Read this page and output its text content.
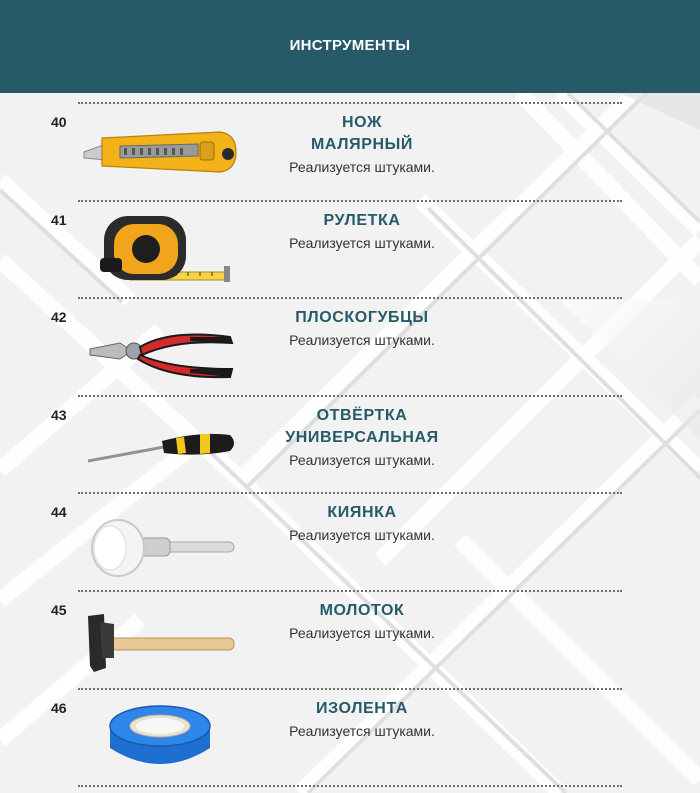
ИНСТРУМЕНТЫ
40	НОЖ
МАЛЯРНЫЙ
Реализуется штуками.
41	РУЛЕТКА
Реализуется штуками.
42	ПЛОСКОГУБЦЫ
Реализуется штуками.
43	ОТВЁРТКА
УНИВЕРСАЛЬНАЯ
Реализуется штуками.
44	КИЯНКА
Реализуется штуками.
45	МОЛОТОК
Реализуется штуками.
46	ИЗОЛЕНТА
Реализуется штуками.
